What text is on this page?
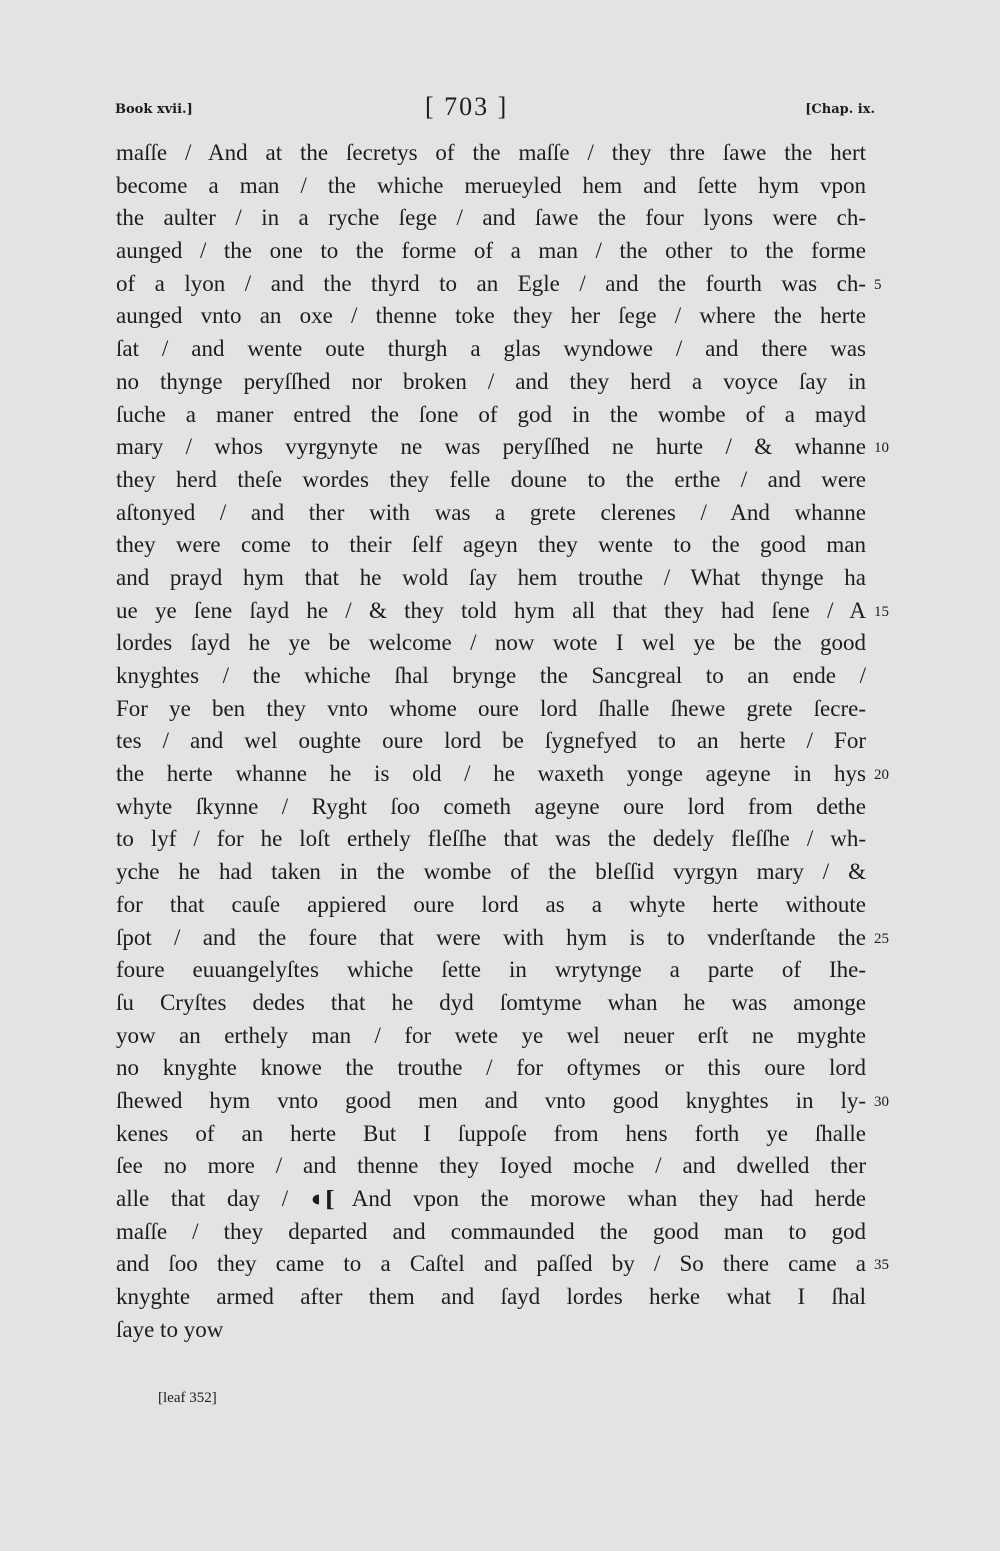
Book xvii.]	[ 703 ]	[Chap. ix.
maſſe / And at the ſecretys of the maſſe / they thre ſawe the hert
become a man / the whiche merueyled hem and ſette hym vpon
the aulter / in a ryche ſege / and ſawe the four lyons were ch-
aunged / the one to the forme of a man / the other to the forme
of a lyon / and the thyrd to an Egle / and the fourth was ch- 5
aunged vnto an oxe / thenne toke they her ſege / where the herte
ſat / and wente oute thurgh a glas wyndowe / and there was
no thynge peryſſhed nor broken / and they herd a voyce ſay in
ſuche a maner entred the ſone of god in the wombe of a mayd
mary / whos vyrgynyte ne was peryſſhed ne hurte / & whanne 10
they herd theſe wordes they felle doune to the erthe / and were
aſtonyed / and ther with was a grete clerenes / And whanne
they were come to their ſelf ageyn they wente to the good man
and prayd hym that he wold ſay hem trouthe / What thynge ha
ue ye ſene ſayd he / & they told hym all that they had ſene / A 15
lordes ſayd he ye be welcome / now wote I wel ye be the good
knyghtes / the whiche ſhal brynge the Sancgreal to an ende /
For ye ben they vnto whome oure lord ſhalle ſhewe grete ſecre-
tes / and wel oughte oure lord be ſygnefyed to an herte / For
the herte whanne he is old / he waxeth yonge ageyne in hys 20
whyte ſkynne / Ryght ſoo cometh ageyne oure lord from dethe
to lyf / for he loſt erthely fleſſhe that was the dedely fleſſhe / wh-
yche he had taken in the wombe of the bleſſid vyrgyn mary / &
for that cauſe appiered oure lord as a whyte herte withoute
ſpot / and the foure that were with hym is to vnderſtande the 25
foure euuangelyſtes whiche ſette in wrytynge a parte of Ihe-
ſu Cryſtes dedes that he dyd ſomtyme whan he was amonge
yow an erthely man / for wete ye wel neuer erſt ne myghte
no knyghte knowe the trouthe / for oftymes or this oure lord
ſhewed hym vnto good men and vnto good knyghtes in ly- 30
kenes of an herte But I ſuppoſe from hens forth ye ſhalle
ſee no more / and thenne they Ioyed moche / and dwelled ther
alle that day / ◖[ And vpon the morowe whan they had herde
maſſe / they departed and commaunded the good man to god
and ſoo they came to a Caſtel and paſſed by / So there came a 35
knyghte armed after them and ſayd lordes herke what I ſhal
ſaye to yow
[leaf 352]
